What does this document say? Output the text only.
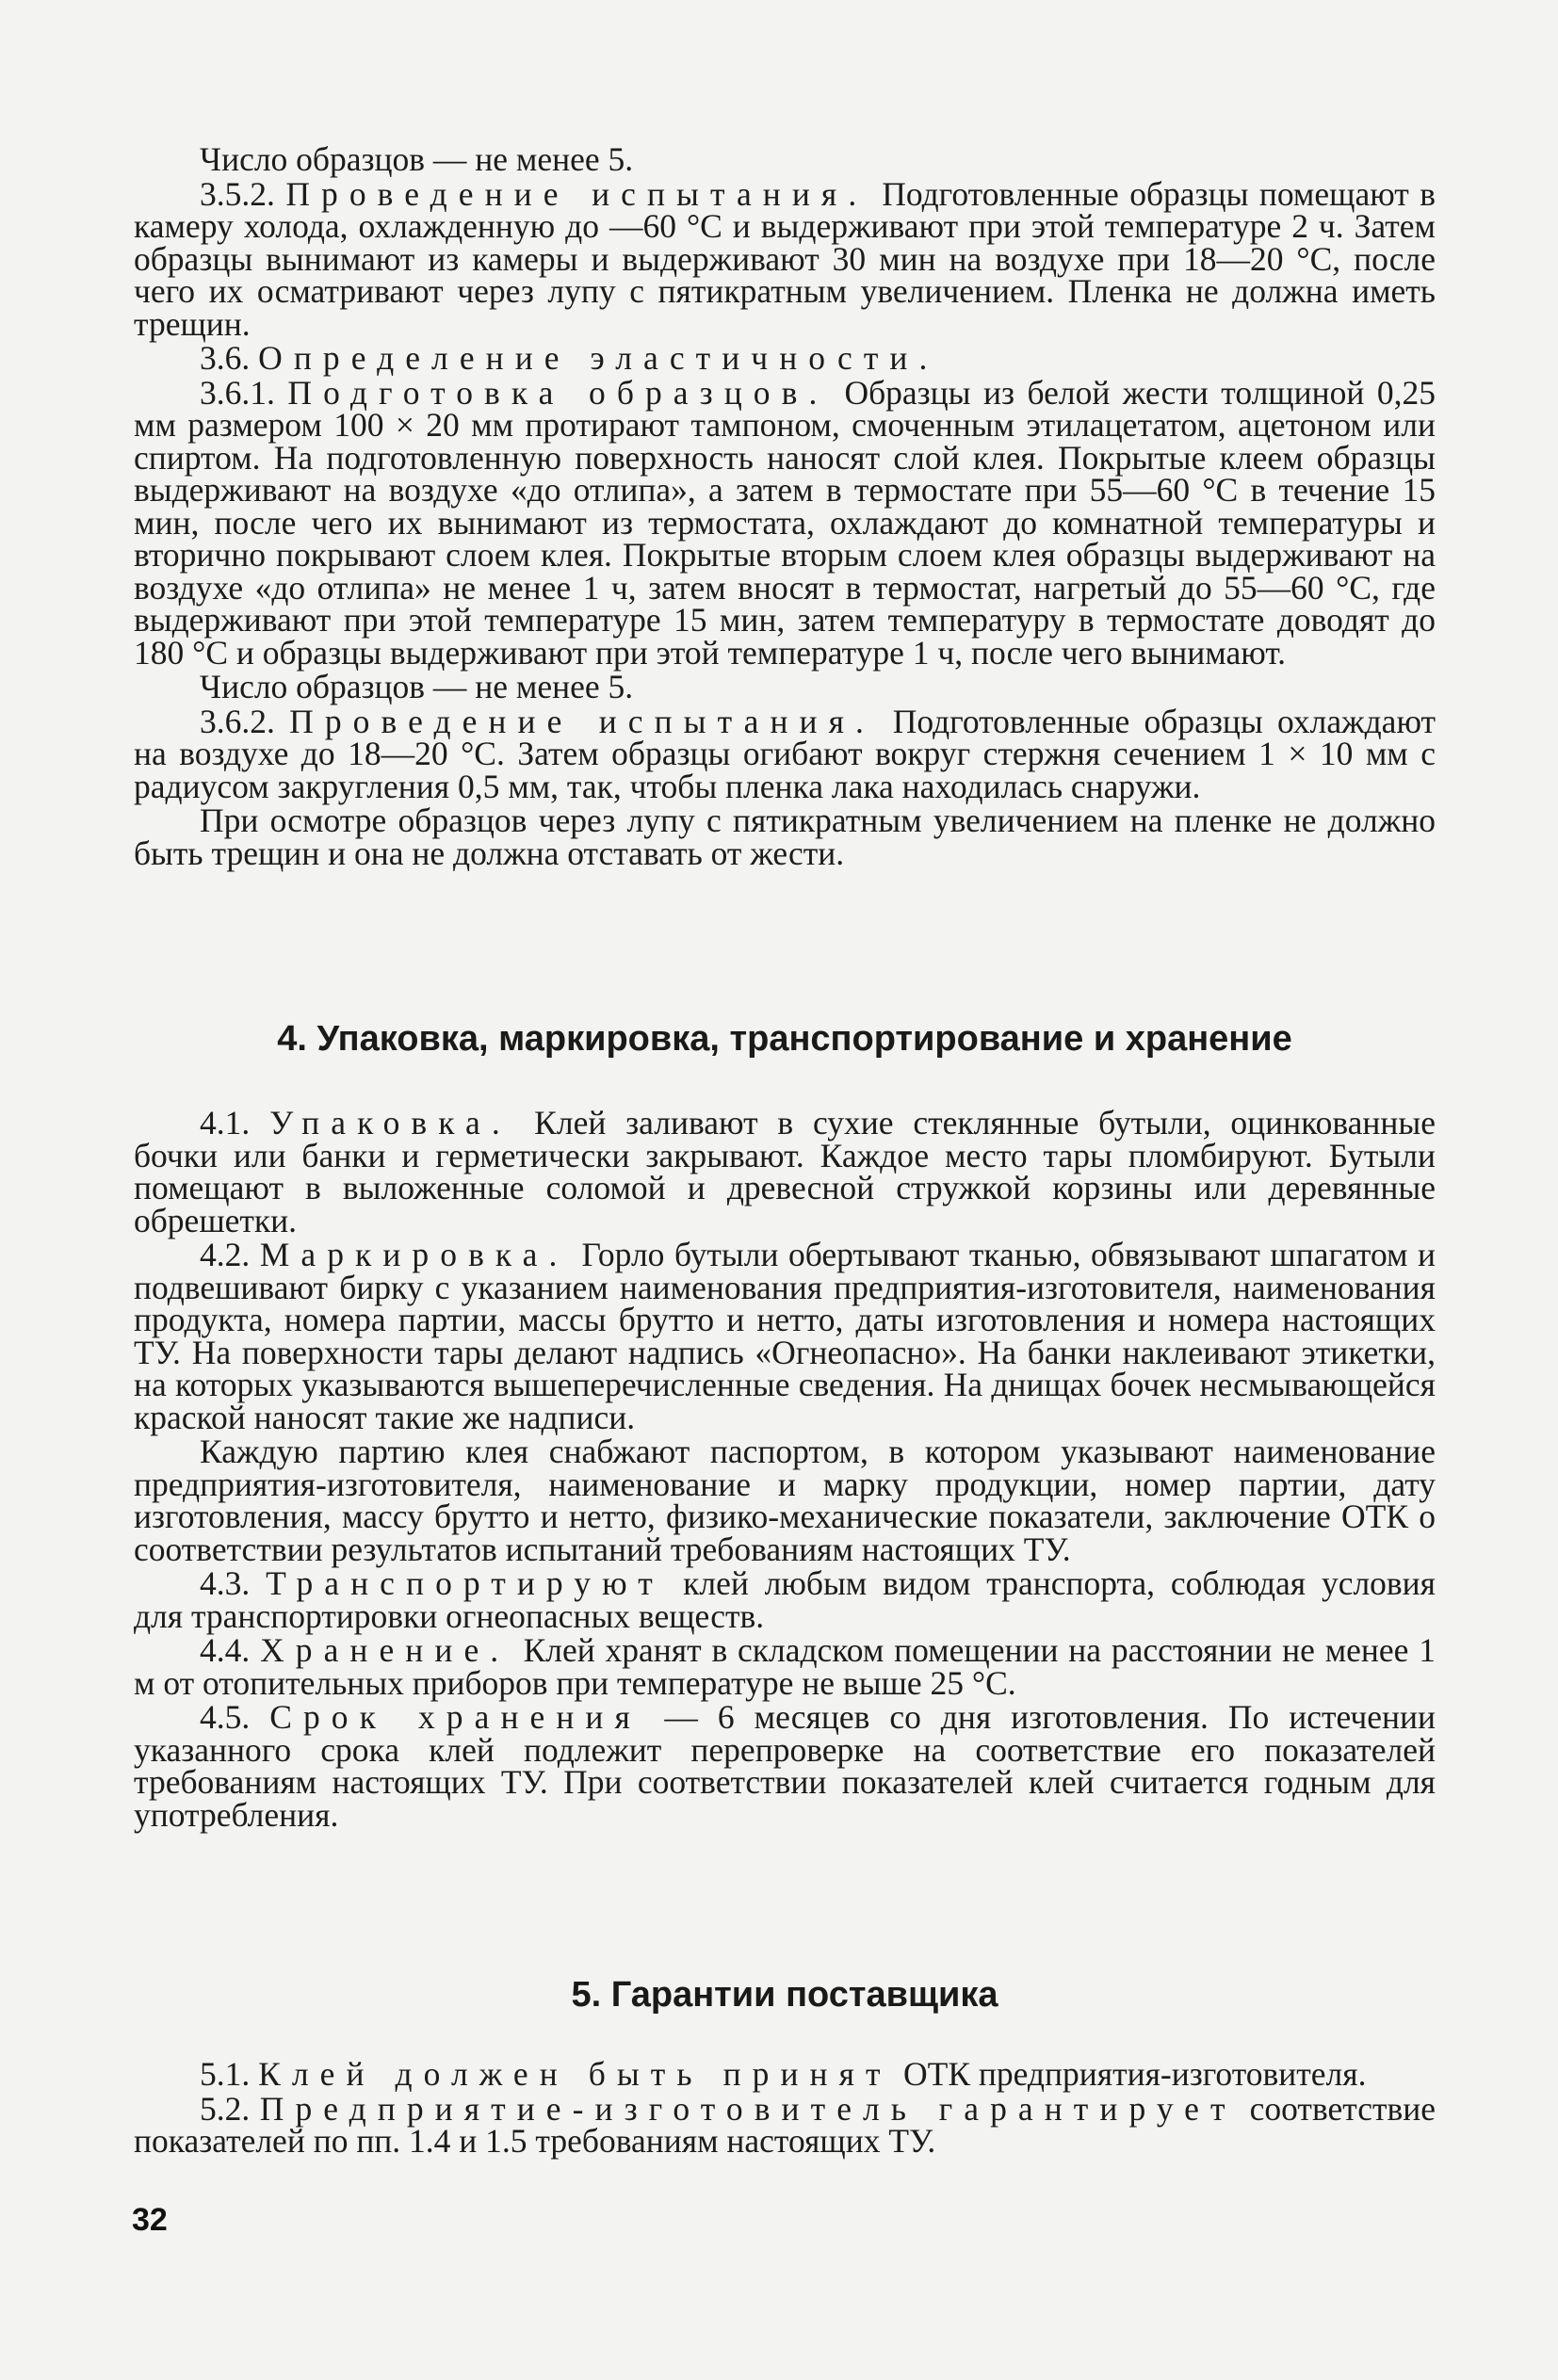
Число образцов — не менее 5.

3.5.2. Проведение испытания. Подготовленные образцы помещают в камеру холода, охлажденную до —60 °С и выдерживают при этой температуре 2 ч. Затем образцы вынимают из камеры и выдерживают 30 мин на воздухе при 18—20 °С, после чего их осматривают через лупу с пятикратным увеличением. Пленка не должна иметь трещин.

3.6. Определение эластичности.

3.6.1. Подготовка образцов. Образцы из белой жести толщиной 0,25 мм размером 100 × 20 мм протирают тампоном, смоченным этилацетатом, ацетоном или спиртом. На подготовленную поверхность наносят слой клея. Покрытые клеем образцы выдерживают на воздухе «до отлипа», а затем в термостате при 55—60 °С в течение 15 мин, после чего их вынимают из термостата, охлаждают до комнатной температуры и вторично покрывают слоем клея. Покрытые вторым слоем клея образцы выдерживают на воздухе «до отлипа» не менее 1 ч, затем вносят в термостат, нагретый до 55—60 °С, где выдерживают при этой температуре 15 мин, затем температуру в термостате доводят до 180 °С и образцы выдерживают при этой температуре 1 ч, после чего вынимают.

Число образцов — не менее 5.

3.6.2. Проведение испытания. Подготовленные образцы охлаждают на воздухе до 18—20 °С. Затем образцы огибают вокруг стержня сечением 1 × 10 мм с радиусом закругления 0,5 мм, так, чтобы пленка лака находилась снаружи.

При осмотре образцов через лупу с пятикратным увеличением на пленке не должно быть трещин и она не должна отставать от жести.

4. Упаковка, маркировка, транспортирование и хранение

4.1. Упаковка. Клей заливают в сухие стеклянные бутыли, оцинкованные бочки или банки и герметически закрывают. Каждое место тары пломбируют. Бутыли помещают в выложенные соломой и древесной стружкой корзины или деревянные обрешетки.

4.2. Маркировка. Горло бутыли обертывают тканью, обвязывают шпагатом и подвешивают бирку с указанием наименования предприятия-изготовителя, наименования продукта, номера партии, массы брутто и нетто, даты изготовления и номера настоящих ТУ. На поверхности тары делают надпись «Огнеопасно». На банки наклеивают этикетки, на которых указываются вышеперечисленные сведения. На днищах бочек несмывающейся краской наносят такие же надписи.

Каждую партию клея снабжают паспортом, в котором указывают наименование предприятия-изготовителя, наименование и марку продукции, номер партии, дату изготовления, массу брутто и нетто, физико-механические показатели, заключение ОТК о соответствии результатов испытаний требованиям настоящих ТУ.

4.3. Транспортируют клей любым видом транспорта, соблюдая условия для транспортировки огнеопасных веществ.

4.4. Хранение. Клей хранят в складском помещении на расстоянии не менее 1 м от отопительных приборов при температуре не выше 25 °С.

4.5. Срок хранения — 6 месяцев со дня изготовления. По истечении указанного срока клей подлежит перепроверке на соответствие его показателей требованиям настоящих ТУ. При соответствии показателей клей считается годным для употребления.

5. Гарантии поставщика

5.1. Клей должен быть принят ОТК предприятия-изготовителя.

5.2. Предприятие-изготовитель гарантирует соответствие показателей по пп. 1.4 и 1.5 требованиям настоящих ТУ.

32
